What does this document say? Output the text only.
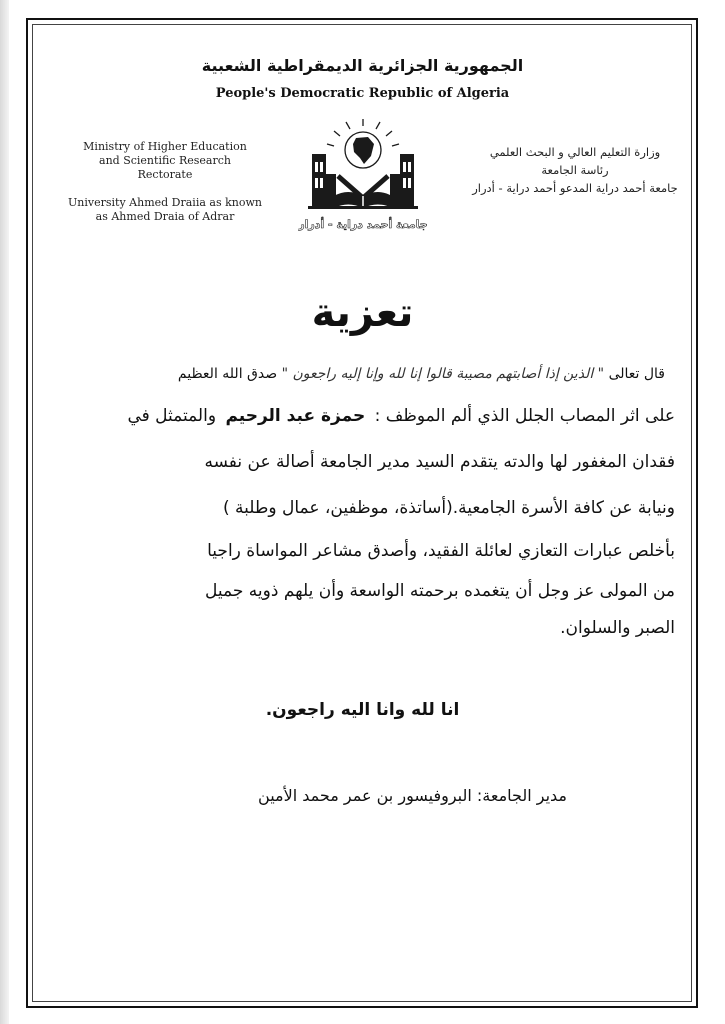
الجمهورية الجزائرية الديمقراطية الشعبية
People's Democratic Republic of Algeria
Ministry of Higher Education
and Scientific Research
Rectorate
University Ahmed Draiia as known
as Ahmed Draia of Adrar
وزارة التعليم العالي و البحث العلمي
رئاسة الجامعة
جامعة أحمد دراية المدعو أحمد دراية - أدرار
جامعة أحمد دراية - أدرار
تعزية
قال تعالى " الذين إذا أصابتهم مصيبة قالوا إنا لله وإنا إليه راجعون " صدق الله العظيم
على اثر المصاب الجلل الذي ألم الموظف : حمزة عبد الرحيم والمتمثل في
فقدان المغفور لها والدته يتقدم السيد مدير الجامعة أصالة عن نفسه
ونيابة عن كافة الأسرة الجامعية.(أساتذة، موظفين، عمال وطلبة )
بأخلص عبارات التعازي لعائلة الفقيد، وأصدق مشاعر المواساة راجيا
من المولى عز وجل أن يتغمده برحمته الواسعة وأن يلهم ذويه جميل
الصبر والسلوان.
انا لله وانا اليه راجعون.
مدير الجامعة: البروفيسور بن عمر محمد الأمين
